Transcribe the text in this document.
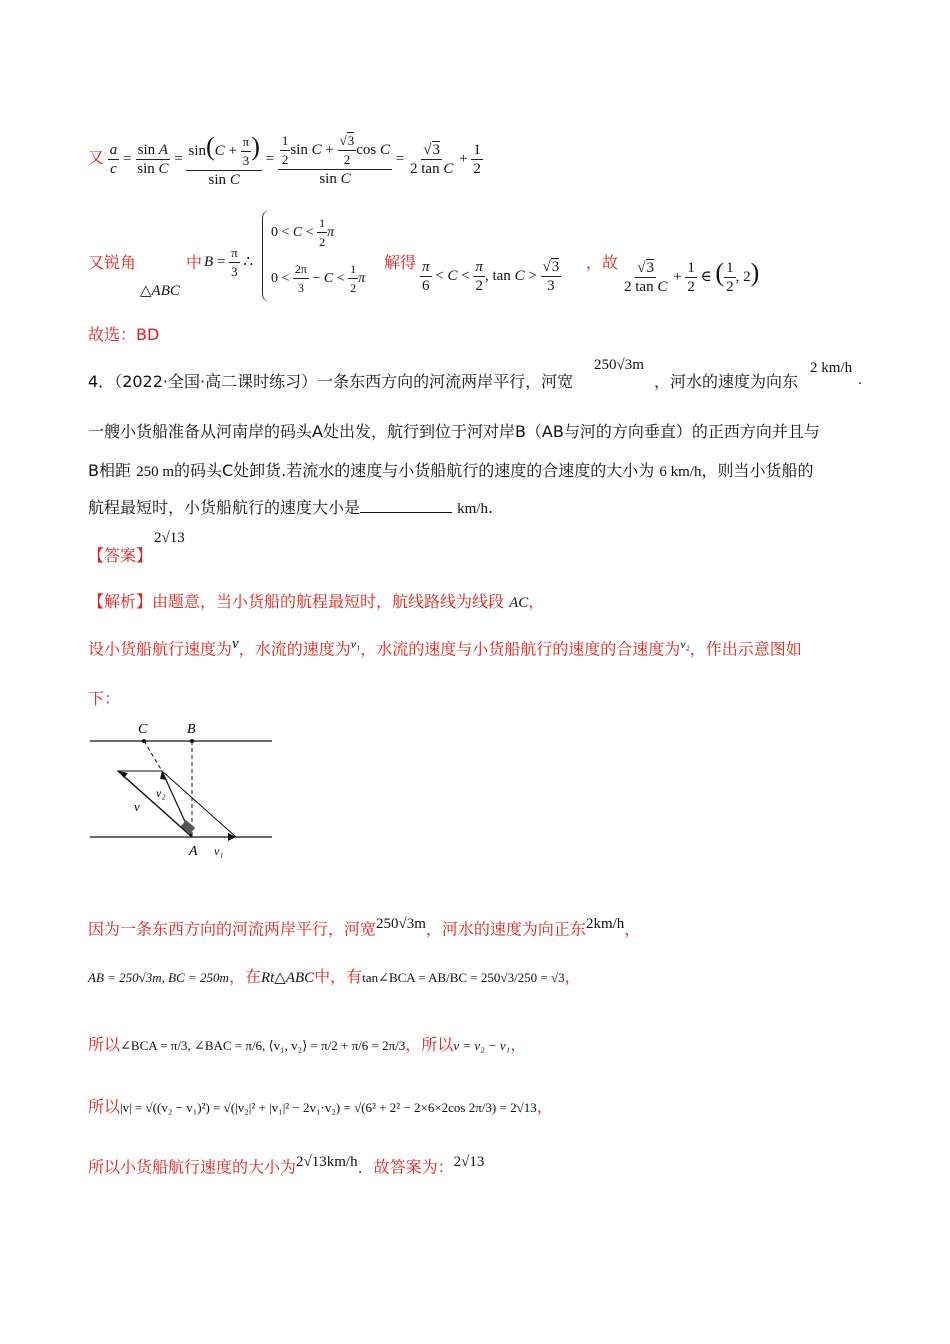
又 $\frac{a}{c} = \frac{\text{sin A}}{\text{sin C}} = \frac{\sin(C + \frac{\pi}{3} )}{\text{sin C}} = \frac{\frac{1}{2} \sin C + \frac{√3}{2} \cos C}{\text{sin C}} = \frac{√3}{\text{2 tan C}} + \frac{1}{2}$
又锐角
△ABC
中 $B = \frac{\pi}{3}$ ∴
$0 < C < \frac{1}{2}$ π
$0 < \frac{2\pi}{3} - C < \frac{1}{2}$ π
解得 $\frac{\pi}{6} < C < \frac{\pi}{2}$ , $\tan C > \frac{√3}{3}$ ，故 $\frac{√3}{\text{2 tan C}} + \frac{1}{2}$ ∈ ( $\frac{1}{2}$ , 2)
故选：BD
4．（2022·全国·高二课时练习）一条东西方向的河流两岸平行，河宽
250√3m
，河水的速度为向东
2 km/h
.
一艘小货船准备从河南岸的码头A处出发，航行到位于河对岸B（AB与河的方向垂直）的正西方向并且与
B相距 250 m的码头C处卸货.若流水的速度与小货船航行的速度的合速度的大小为 6 km/h，则当小货船的
航程最短时，小货船航行的速度大小是	km/h.
【答案】
2√13
【解析】由题意，当小货船的航程最短时，航线路线为线段 AC，
设小货船航行速度为$^v$，水流的速度为$^{v_1}$，水流的速度与小货船航行的速度的合速度为$^{v_2}$，作出示意图如
下：
C	B
A
v
v₂
v₁
因为一条东西方向的河流两岸平行，河宽$^{250√3m}$，河水的速度为向正东$^{2km/h}$，
AB = 250√3m, BC = 250m，在Rt△ABC中，有tan∠BCA = AB/BC = 250√3/250 = √3，
所以∠BCA = π/3, ∠BAC = π/6, ⟨v₁, v₂⟩ = π/2 + π/6 = 2π/3，所以v = v₂ − v₁，
所以|v| = √((v₂ − v₁)²) = √(|v₂|² + |v₁|² − 2v₁·v₂) = √(6² + 2² − 2×6×2cos 2π/3) = 2√13，
所以小货船航行速度的大小为$^{2√13km/h}$．故答案为：$^{2√13}$
